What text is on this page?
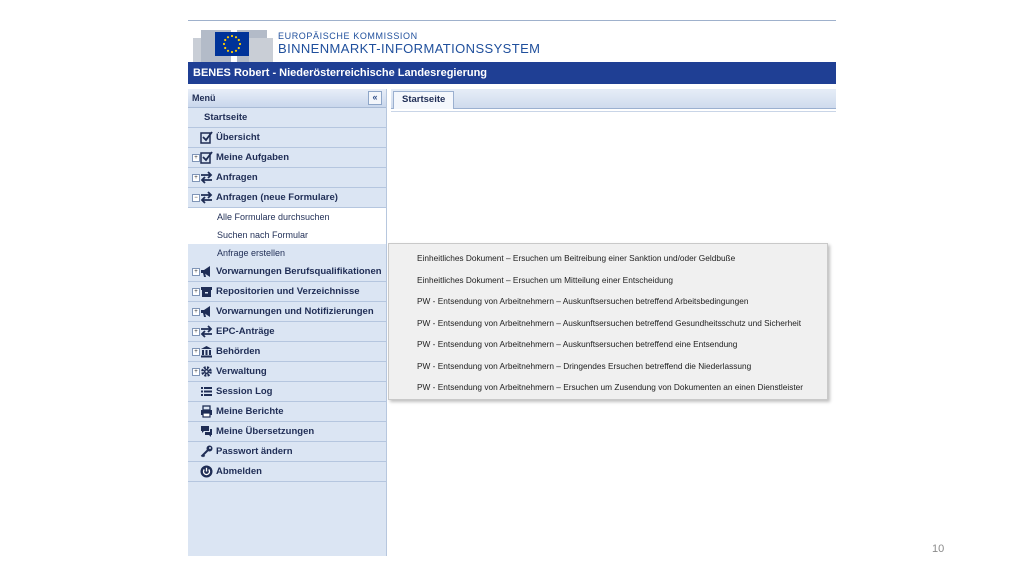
EUROPÄISCHE KOMMISSION
BINNENMARKT-INFORMATIONSSYSTEM
BENES Robert - Niederösterreichische Landesregierung
Menü	«
Startseite
Übersicht
+ Meine Aufgaben
+ Anfragen
− Anfragen (neue Formulare)
Alle Formulare durchsuchen
Suchen nach Formular
Anfrage erstellen
+ Vorwarnungen Berufsqualifikationen
+ Repositorien und Verzeichnisse
+ Vorwarnungen und Notifizierungen
+ EPC-Anträge
+ Behörden
+ Verwaltung
Session Log
Meine Berichte
Meine Übersetzungen
Passwort ändern
Abmelden
Startseite
Einheitliches Dokument – Ersuchen um Beitreibung einer Sanktion und/oder Geldbuße
Einheitliches Dokument – Ersuchen um Mitteilung einer Entscheidung
PW - Entsendung von Arbeitnehmern – Auskunftsersuchen betreffend Arbeitsbedingungen
PW - Entsendung von Arbeitnehmern – Auskunftsersuchen betreffend Gesundheitsschutz und Sicherheit
PW - Entsendung von Arbeitnehmern – Auskunftsersuchen betreffend eine Entsendung
PW - Entsendung von Arbeitnehmern – Dringendes Ersuchen betreffend die Niederlassung
PW - Entsendung von Arbeitnehmern – Ersuchen um Zusendung von Dokumenten an einen Dienstleister
10
